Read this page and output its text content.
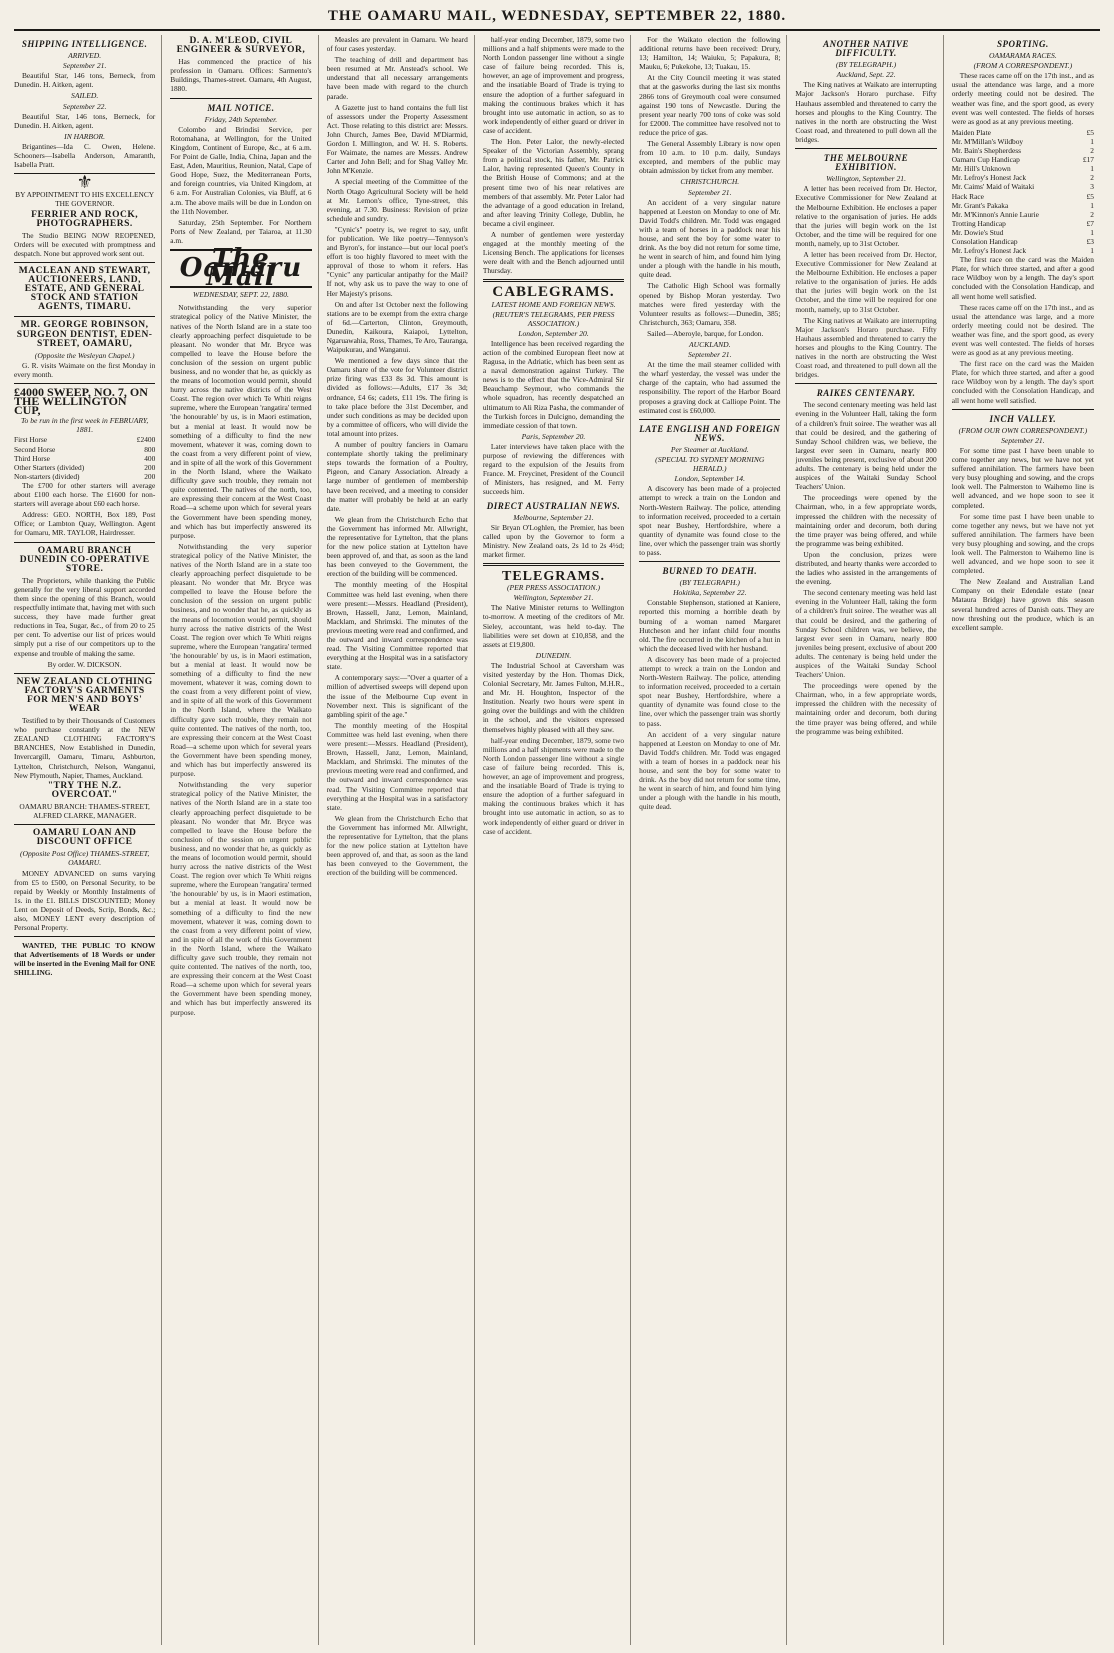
THE OAMARU MAIL, WEDNESDAY, SEPTEMBER 22, 1880.
SHIPPING INTELLIGENCE.
ARRIVED.
September 21.

Beautiful Star, 146 tons, Berneck, from Dunedin. H. Aitken, agent.

SAILED.
September 22.

Beautiful Star, 146 tons, Berneck, for Dunedin. H. Aitken, agent.

IN HARBOR.

Brigantines—Ida C. Owen, Helene. Schooners—Isabella Anderson, Amaranth, Isabella Pratt.

⚜
BY APPOINTMENT TO HIS EXCELLENCY THE GOVERNOR.
FERRIER AND ROCK, PHOTOGRAPHERS.

The Studio BEING NOW REOPENED, Orders will be executed with promptness and despatch. None but approved work sent out.

MACLEAN AND STEWART, AUCTIONEERS, LAND, ESTATE, AND GENERAL STOCK AND STATION AGENTS, TIMARU.
MR. GEORGE ROBINSON, SURGEON DENTIST, EDEN-STREET, OAMARU,
(Opposite the Wesleyan Chapel.)

G. R. visits Waimate on the first Monday in every month.

£4000 SWEEP, NO. 7, ON THE WELLINGTON CUP,
To be run in the first week in FEBRUARY, 1881.
First Horse	£2400
Second Horse	800
Third Horse	400
Other Starters (divided)	200
Non-starters (divided)	200

The £700 for other starters will average about £100 each horse. The £1600 for non-starters will average about £60 each horse.

Address: GEO. NORTH, Box 189, Post Office; or Lambton Quay, Wellington. Agent for Oamaru, MR. TAYLOR, Hairdresser.

OAMARU BRANCH DUNEDIN CO-OPERATIVE STORE.

The Proprietors, while thanking the Public generally for the very liberal support accorded them since the opening of this Branch, would respectfully intimate that, having met with such success, they have made further great reductions in Tea, Sugar, &c., of from 20 to 25 per cent. To advertise our list of prices would simply put a rise of our competitors up to the expense and trouble of making the same.

By order. W. DICKSON.
NEW ZEALAND CLOTHING FACTORY'S GARMENTS FOR MEN'S AND BOYS' WEAR

Testified to by their Thousands of Customers who purchase constantly at the NEW ZEALAND CLOTHING FACTORY'S BRANCHES, Now Established in Dunedin, Invercargill, Oamaru, Timaru, Ashburton, Lyttelton, Christchurch, Nelson, Wanganui, New Plymouth, Napier, Thames, Auckland.

"TRY THE N.Z. OVERCOAT."
OAMARU BRANCH: THAMES-STREET, ALFRED CLARKE, MANAGER.
OAMARU LOAN AND DISCOUNT OFFICE
(Opposite Post Office) THAMES-STREET, OAMARU.

MONEY ADVANCED on sums varying from £5 to £500, on Personal Security, to be repaid by Weekly or Monthly Instalments of 1s. in the £1. BILLS DISCOUNTED; Money Lent on Deposit of Deeds, Scrip, Bonds, &c.; also, MONEY LENT every description of Personal Property.

WANTED, THE PUBLIC TO KNOW that Advertisements of 18 Words or under will be inserted in the Evening Mail for ONE SHILLING.

D. A. M'LEOD, CIVIL ENGINEER & SURVEYOR,

Has commenced the practice of his profession in Oamaru. Offices: Sarmento's Buildings, Thames-street. Oamaru, 4th August, 1880.

MAIL NOTICE.
Friday, 24th September.

Colombo and Brindisi Service, per Rotomahana, at Wellington, for the United Kingdom, Continent of Europe, &c., at 6 a.m. For Point de Galle, India, China, Japan and the East, Aden, Mauritius, Reunion, Natal, Cape of Good Hope, Suez, the Mediterranean Ports, and foreign countries, via United Kingdom, at 6 a.m. For Australian Colonies, via Bluff, at 6 a.m. The above mails will be due in London on the 11th November.

Saturday, 25th September. For Northern Ports of New Zealand, per Taiaroa, at 11.30 a.m.

The Oamaru Mail
WEDNESDAY, SEPT. 22, 1880.

Notwithstanding the very superior strategical policy of the Native Minister, the natives of the North Island are in a state too clearly approaching perfect disquietude to be pleasant. No wonder that Mr. Bryce was compelled to leave the House before the conclusion of the session on urgent public business, and no wonder that he, as quickly as the means of locomotion would permit, should hurry across the native districts of the West Coast. The region over which Te Whiti reigns supreme, where the European 'rangatira' termed 'the honourable' by us, is in Maori estimation, but a menial at least. It would now be something of a difficulty to find the new movement, whatever it was, coming down to the coast from a very different point of view, and in spite of all the work of this Government in the North Island, where the Waikato difficulty gave such trouble, they remain not quite contented. The natives of the north, too, are expressing their concern at the West Coast Road—a scheme upon which for several years the Government have been spending money, and which has but imperfectly answered its purpose.

Notwithstanding the very superior strategical policy of the Native Minister, the natives of the North Island are in a state too clearly approaching perfect disquietude to be pleasant. No wonder that Mr. Bryce was compelled to leave the House before the conclusion of the session on urgent public business, and no wonder that he, as quickly as the means of locomotion would permit, should hurry across the native districts of the West Coast. The region over which Te Whiti reigns supreme, where the European 'rangatira' termed 'the honourable' by us, is in Maori estimation, but a menial at least. It would now be something of a difficulty to find the new movement, whatever it was, coming down to the coast from a very different point of view, and in spite of all the work of this Government in the North Island, where the Waikato difficulty gave such trouble, they remain not quite contented. The natives of the north, too, are expressing their concern at the West Coast Road—a scheme upon which for several years the Government have been spending money, and which has but imperfectly answered its purpose.

Notwithstanding the very superior strategical policy of the Native Minister, the natives of the North Island are in a state too clearly approaching perfect disquietude to be pleasant. No wonder that Mr. Bryce was compelled to leave the House before the conclusion of the session on urgent public business, and no wonder that he, as quickly as the means of locomotion would permit, should hurry across the native districts of the West Coast. The region over which Te Whiti reigns supreme, where the European 'rangatira' termed 'the honourable' by us, is in Maori estimation, but a menial at least. It would now be something of a difficulty to find the new movement, whatever it was, coming down to the coast from a very different point of view, and in spite of all the work of this Government in the North Island, where the Waikato difficulty gave such trouble, they remain not quite contented. The natives of the north, too, are expressing their concern at the West Coast Road—a scheme upon which for several years the Government have been spending money, and which has but imperfectly answered its purpose.

Measles are prevalent in Oamaru. We heard of four cases yesterday.

The teaching of drill and department has been resumed at Mr. Anstead's school. We understand that all necessary arrangements have been made with regard to the church parade.

A Gazette just to hand contains the full list of assessors under the Property Assessment Act. Those relating to this district are: Messrs. John Church, James Bee, David M'Diarmid, Gordon I. Millington, and W. H. S. Roberts. For Waimate, the names are Messrs. Andrew Carter and John Bell; and for Shag Valley Mr. John M'Kenzie.

A special meeting of the Committee of the North Otago Agricultural Society will be held at Mr. Lemon's office, Tyne-street, this evening, at 7.30. Business: Revision of prize schedule and sundry.

"Cynic's" poetry is, we regret to say, unfit for publication. We like poetry—Tennyson's and Byron's, for instance—but our local poet's effort is too highly flavored to meet with the approval of those to whom it refers. Has "Cynic" any particular antipathy for the Mail? If not, why ask us to pave the way to one of Her Majesty's prisons.

On and after 1st October next the following stations are to be exempt from the extra charge of 6d.—Carterton, Clinton, Greymouth, Dunedin, Kaikoura, Kaiapoi, Lyttelton, Ngaruawahia, Ross, Thames, Te Aro, Tauranga, Waipukurau, and Wanganui.

We mentioned a few days since that the Oamaru share of the vote for Volunteer district prize firing was £33 8s 3d. This amount is divided as follows:—Adults, £17 3s 3d; ordnance, £4 6s; cadets, £11 19s. The firing is to take place before the 31st December, and under such conditions as may be decided upon by a committee of officers, who will divide the total amount into prizes.

A number of poultry fanciers in Oamaru contemplate shortly taking the preliminary steps towards the formation of a Poultry, Pigeon, and Canary Association. Already a large number of gentlemen of membership have been received, and a meeting to consider the matter will probably be held at an early date.

We glean from the Christchurch Echo that the Government has informed Mr. Allwright, the representative for Lyttelton, that the plans for the new police station at Lyttelton have been approved of, and that, as soon as the land has been conveyed to the Government, the erection of the building will be commenced.

The monthly meeting of the Hospital Committee was held last evening, when there were present:—Messrs. Headland (President), Brown, Hassell, Janz, Lemon, Mainland, Macklam, and Shrimski. The minutes of the previous meeting were read and confirmed, and the outward and inward correspondence was read. The Visiting Committee reported that everything at the Hospital was in a satisfactory state.

A contemporary says:—"Over a quarter of a million of advertised sweeps will depend upon the issue of the Melbourne Cup event in November next. This is significant of the gambling spirit of the age."

The monthly meeting of the Hospital Committee was held last evening, when there were present:—Messrs. Headland (President), Brown, Hassell, Janz, Lemon, Mainland, Macklam, and Shrimski. The minutes of the previous meeting were read and confirmed, and the outward and inward correspondence was read. The Visiting Committee reported that everything at the Hospital was in a satisfactory state.

We glean from the Christchurch Echo that the Government has informed Mr. Allwright, the representative for Lyttelton, that the plans for the new police station at Lyttelton have been approved of, and that, as soon as the land has been conveyed to the Government, the erection of the building will be commenced.

half-year ending December, 1879, some two millions and a half shipments were made to the North London passenger line without a single case of failure being recorded. This is, however, an age of improvement and progress, and the insatiable Board of Trade is trying to ensure the adoption of a further safeguard in making the continuous brakes which it has brought into use automatic in action, so as to work independently of either guard or driver in case of accident.

The Hon. Peter Lalor, the newly-elected Speaker of the Victorian Assembly, sprang from a political stock, his father, Mr. Patrick Lalor, having represented Queen's County in the British House of Commons; and at the present time two of his near relatives are members of that assembly. Mr. Peter Lalor had the advantage of a good education in Ireland, and after leaving Trinity College, Dublin, he became a civil engineer.

A number of gentlemen were yesterday engaged at the monthly meeting of the Licensing Bench. The applications for licenses were dealt with and the Bench adjourned until Thursday.

CABLEGRAMS.
LATEST HOME AND FOREIGN NEWS.
(REUTER'S TELEGRAMS, PER PRESS ASSOCIATION.)
London, September 20.

Intelligence has been received regarding the action of the combined European fleet now at Ragusa, in the Adriatic, which has been sent as a naval demonstration against Turkey. The news is to the effect that the Vice-Admiral Sir Beauchamp Seymour, who commands the whole squadron, has recently despatched an ultimatum to Ali Riza Pasha, the commander of the Turkish forces in Dulcigno, demanding the immediate cession of that town.

Paris, September 20.

Later interviews have taken place with the purpose of reviewing the differences with regard to the expulsion of the Jesuits from France. M. Freycinet, President of the Council of Ministers, has resigned, and M. Ferry succeeds him.

DIRECT AUSTRALIAN NEWS.
Melbourne, September 21.

Sir Bryan O'Loghlen, the Premier, has been called upon by the Governor to form a Ministry. New Zealand oats, 2s 1d to 2s 4½d; market firmer.

TELEGRAMS.
(PER PRESS ASSOCIATION.)
Wellington, September 21.

The Native Minister returns to Wellington to-morrow. A meeting of the creditors of Mr. Sieley, accountant, was held to-day. The liabilities were set down at £10,858, and the assets at £19,800.

DUNEDIN.

The Industrial School at Caversham was visited yesterday by the Hon. Thomas Dick, Colonial Secretary, Mr. James Fulton, M.H.R., and Mr. H. Houghton, Inspector of the Institution. Nearly two hours were spent in going over the buildings and with the children in the school, and the visitors expressed themselves highly pleased with all they saw.

half-year ending December, 1879, some two millions and a half shipments were made to the North London passenger line without a single case of failure being recorded. This is, however, an age of improvement and progress, and the insatiable Board of Trade is trying to ensure the adoption of a further safeguard in making the continuous brakes which it has brought into use automatic in action, so as to work independently of either guard or driver in case of accident.

For the Waikato election the following additional returns have been received: Drury, 13; Hamilton, 14; Waiuku, 5; Papakura, 8; Mauku, 6; Pukekohe, 13; Tuakau, 15.

At the City Council meeting it was stated that at the gasworks during the last six months 2866 tons of Greymouth coal were consumed against 190 tons of Newcastle. During the present year nearly 700 tons of coke was sold for £2000. The committee have resolved not to reduce the price of gas.

The General Assembly Library is now open from 10 a.m. to 10 p.m. daily, Sundays excepted, and members of the public may obtain admission by ticket from any member.

CHRISTCHURCH.
September 21.

An accident of a very singular nature happened at Leeston on Monday to one of Mr. David Todd's children. Mr. Todd was engaged with a team of horses in a paddock near his house, and sent the boy for some water to drink. As the boy did not return for some time, he went in search of him, and found him lying under a plough with the handle in his mouth, quite dead.

The Catholic High School was formally opened by Bishop Moran yesterday. Two matches were fired yesterday with the Volunteer results as follows:—Dunedin, 385; Christchurch, 363; Oamaru, 358.

Sailed—Aberoyle, barque, for London.

AUCKLAND.
September 21.

At the time the mail steamer collided with the wharf yesterday, the vessel was under the charge of the captain, who had assumed the responsibility. The report of the Harbor Board proposes a graving dock at Calliope Point. The estimated cost is £60,000.

LATE ENGLISH AND FOREIGN NEWS.
Per Steamer at Auckland.
(SPECIAL TO SYDNEY MORNING HERALD.)
London, September 14.

A discovery has been made of a projected attempt to wreck a train on the London and North-Western Railway. The police, attending to information received, proceeded to a certain spot near Bushey, Hertfordshire, where a quantity of dynamite was found close to the line, over which the passenger train was shortly to pass.

BURNED TO DEATH.
(BY TELEGRAPH.)
Hokitika, September 22.

Constable Stephenson, stationed at Kaniere, reported this morning a horrible death by burning of a woman named Margaret Hutcheson and her infant child four months old. The fire occurred in the kitchen of a hut in which the deceased lived with her husband.

A discovery has been made of a projected attempt to wreck a train on the London and North-Western Railway. The police, attending to information received, proceeded to a certain spot near Bushey, Hertfordshire, where a quantity of dynamite was found close to the line, over which the passenger train was shortly to pass.

An accident of a very singular nature happened at Leeston on Monday to one of Mr. David Todd's children. Mr. Todd was engaged with a team of horses in a paddock near his house, and sent the boy for some water to drink. As the boy did not return for some time, he went in search of him, and found him lying under a plough with the handle in his mouth, quite dead.

ANOTHER NATIVE DIFFICULTY.
(BY TELEGRAPH.)
Auckland, Sept. 22.

The King natives at Waikato are interrupting Major Jackson's Horaro purchase. Fifty Hauhaus assembled and threatened to carry the horses and ploughs to the King Country. The natives in the north are obstructing the West Coast road, and threatened to pull down all the bridges.

THE MELBOURNE EXHIBITION.
Wellington, September 21.

A letter has been received from Dr. Hector, Executive Commissioner for New Zealand at the Melbourne Exhibition. He encloses a paper relative to the organisation of juries. He adds that the juries will begin work on the 1st October, and the time will be required for one month, namely, up to 31st October.

A letter has been received from Dr. Hector, Executive Commissioner for New Zealand at the Melbourne Exhibition. He encloses a paper relative to the organisation of juries. He adds that the juries will begin work on the 1st October, and the time will be required for one month, namely, up to 31st October.

The King natives at Waikato are interrupting Major Jackson's Horaro purchase. Fifty Hauhaus assembled and threatened to carry the horses and ploughs to the King Country. The natives in the north are obstructing the West Coast road, and threatened to pull down all the bridges.

RAIKES CENTENARY.

The second centenary meeting was held last evening in the Volunteer Hall, taking the form of a children's fruit soiree. The weather was all that could be desired, and the gathering of Sunday School children was, we believe, the largest ever seen in Oamaru, nearly 800 juveniles being present, exclusive of about 200 adults. The centenary is being held under the auspices of the Waitaki Sunday School Teachers' Union.

The proceedings were opened by the Chairman, who, in a few appropriate words, impressed the children with the necessity of maintaining order and decorum, both during the time prayer was being offered, and while the programme was being exhibited.

Upon the conclusion, prizes were distributed, and hearty thanks were accorded to the ladies who assisted in the arrangements of the evening.

The second centenary meeting was held last evening in the Volunteer Hall, taking the form of a children's fruit soiree. The weather was all that could be desired, and the gathering of Sunday School children was, we believe, the largest ever seen in Oamaru, nearly 800 juveniles being present, exclusive of about 200 adults. The centenary is being held under the auspices of the Waitaki Sunday School Teachers' Union.

The proceedings were opened by the Chairman, who, in a few appropriate words, impressed the children with the necessity of maintaining order and decorum, both during the time prayer was being offered, and while the programme was being exhibited.

SPORTING.
OAMARAMA RACES.
(FROM A CORRESPONDENT.)

These races came off on the 17th inst., and as usual the attendance was large, and a more orderly meeting could not be desired. The weather was fine, and the sport good, as every event was well contested. The fields of horses were as good as at any previous meeting.

Maiden Plate	£5
Mr. M'Millan's Wildboy	1
Mr. Bain's Shepherdess	2
Oamaru Cup Handicap	£17
Mr. Hill's Unknown	1
Mr. Lefroy's Honest Jack	2
Mr. Caims' Maid of Waitaki	3
Hack Race	£5
Mr. Grant's Pakaka	1
Mr. M'Kinnon's Annie Laurie	2
Trotting Handicap	£7
Mr. Dowie's Stud	1
Consolation Handicap	£3
Mr. Lefroy's Honest Jack	1

The first race on the card was the Maiden Plate, for which three started, and after a good race Wildboy won by a length. The day's sport concluded with the Consolation Handicap, and all went home well satisfied.

These races came off on the 17th inst., and as usual the attendance was large, and a more orderly meeting could not be desired. The weather was fine, and the sport good, as every event was well contested. The fields of horses were as good as at any previous meeting.

The first race on the card was the Maiden Plate, for which three started, and after a good race Wildboy won by a length. The day's sport concluded with the Consolation Handicap, and all went home well satisfied.

INCH VALLEY.
(FROM OUR OWN CORRESPONDENT.)
September 21.

For some time past I have been unable to come together any news, but we have not yet suffered annihilation. The farmers have been very busy ploughing and sowing, and the crops look well. The Palmerston to Waihemo line is well advanced, and we hope soon to see it completed.

For some time past I have been unable to come together any news, but we have not yet suffered annihilation. The farmers have been very busy ploughing and sowing, and the crops look well. The Palmerston to Waihemo line is well advanced, and we hope soon to see it completed.

The New Zealand and Australian Land Company on their Edendale estate (near Mataura Bridge) have grown this season several hundred acres of Danish oats. They are now threshing out the produce, which is an excellent sample.
